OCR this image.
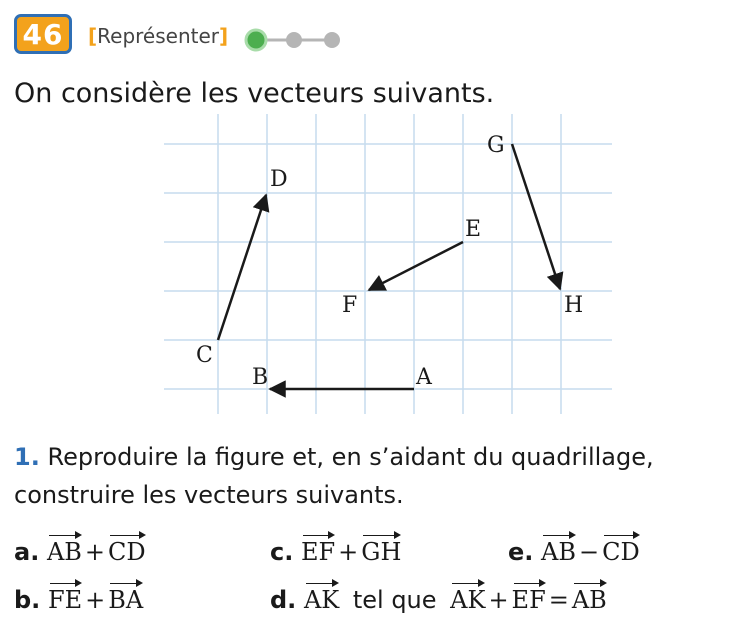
46	[Représenter]
On considère les vecteurs suivants.
A
B
C
D
E
F
G
H
1. Reproduire la figure et, en s’aidant du quadrillage, construire les vecteurs suivants.
a. AB + CD
b. FE + BA
c. EF + GH
d. AK tel que AK + EF = AB
e. AB − CD
